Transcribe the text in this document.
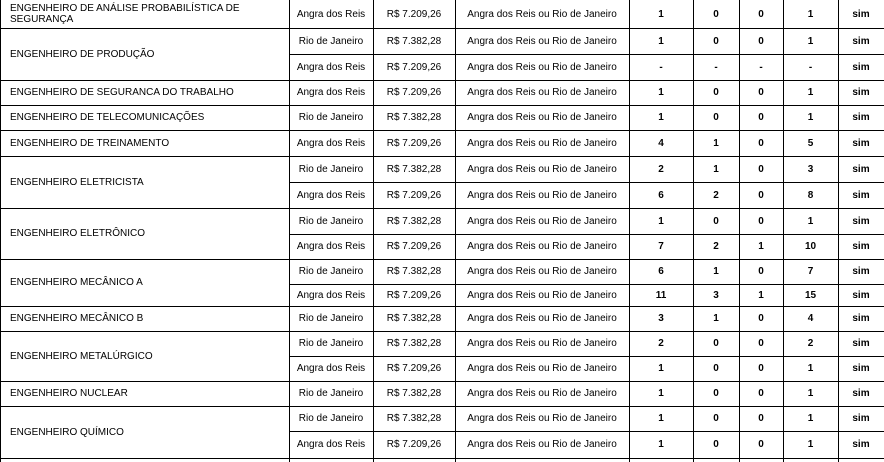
ENGENHEIRO DE ANÁLISE PROBABILÍSTICA DE SEGURANÇA	Angra dos Reis	R$ 7.209,26	Angra dos Reis ou Rio de Janeiro	1	0	0	1	sim
ENGENHEIRO DE PRODUÇÃO
Rio de Janeiro	R$ 7.382,28	Angra dos Reis ou Rio de Janeiro	1	0	0	1	sim
Angra dos Reis	R$ 7.209,26	Angra dos Reis ou Rio de Janeiro	-	-	-	-	sim
ENGENHEIRO DE SEGURANCA DO TRABALHO	Angra dos Reis	R$ 7.209,26	Angra dos Reis ou Rio de Janeiro	1	0	0	1	sim
ENGENHEIRO DE TELECOMUNICAÇÕES	Rio de Janeiro	R$ 7.382,28	Angra dos Reis ou Rio de Janeiro	1	0	0	1	sim
ENGENHEIRO DE TREINAMENTO	Angra dos Reis	R$ 7.209,26	Angra dos Reis ou Rio de Janeiro	4	1	0	5	sim
ENGENHEIRO ELETRICISTA
Rio de Janeiro	R$ 7.382,28	Angra dos Reis ou Rio de Janeiro	2	1	0	3	sim
Angra dos Reis	R$ 7.209,26	Angra dos Reis ou Rio de Janeiro	6	2	0	8	sim
ENGENHEIRO ELETRÔNICO
Rio de Janeiro	R$ 7.382,28	Angra dos Reis ou Rio de Janeiro	1	0	0	1	sim
Angra dos Reis	R$ 7.209,26	Angra dos Reis ou Rio de Janeiro	7	2	1	10	sim
ENGENHEIRO MECÂNICO A
Rio de Janeiro	R$ 7.382,28	Angra dos Reis ou Rio de Janeiro	6	1	0	7	sim
Angra dos Reis	R$ 7.209,26	Angra dos Reis ou Rio de Janeiro	11	3	1	15	sim
ENGENHEIRO MECÂNICO B	Rio de Janeiro	R$ 7.382,28	Angra dos Reis ou Rio de Janeiro	3	1	0	4	sim
ENGENHEIRO METALÚRGICO
Rio de Janeiro	R$ 7.382,28	Angra dos Reis ou Rio de Janeiro	2	0	0	2	sim
Angra dos Reis	R$ 7.209,26	Angra dos Reis ou Rio de Janeiro	1	0	0	1	sim
ENGENHEIRO NUCLEAR	Rio de Janeiro	R$ 7.382,28	Angra dos Reis ou Rio de Janeiro	1	0	0	1	sim
ENGENHEIRO QUÍMICO
Rio de Janeiro	R$ 7.382,28	Angra dos Reis ou Rio de Janeiro	1	0	0	1	sim
Angra dos Reis	R$ 7.209,26	Angra dos Reis ou Rio de Janeiro	1	0	0	1	sim
